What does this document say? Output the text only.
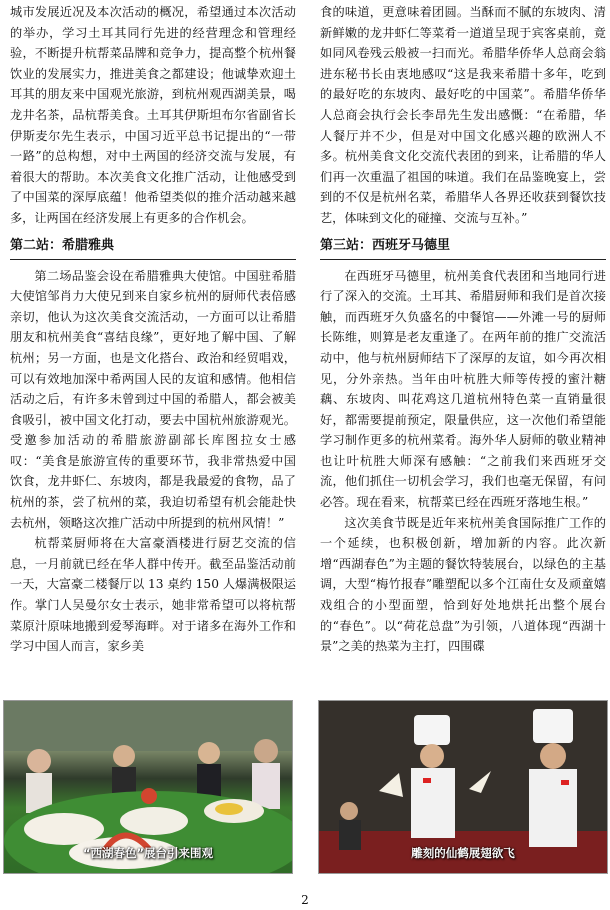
城市发展近况及本次活动的概况，希望通过本次活动的举办，学习土耳其同行先进的经营理念和管理经验，不断提升杭帮菜品牌和竞争力，提高整个杭州餐饮业的发展实力，推进美食之都建设；他诚挚欢迎土耳其的朋友来中国观光旅游，到杭州观西湖美景，喝龙井名茶，品杭帮美食。土耳其伊斯坦布尔省副省长伊斯麦尔先生表示，中国习近平总书记提出的“一带一路”的总构想，对中土两国的经济交流与发展，有着很大的帮助。本次美食文化推广活动，让他感受到了中国菜的深厚底蕴！他希望类似的推介活动越来越多，让两国在经济发展上有更多的合作机会。

第二站：希腊雅典

第二场品鉴会设在希腊雅典大使馆。中国驻希腊大使馆邹肖力大使兄到来自家乡杭州的厨师代表倍感亲切，他认为这次美食交流活动，一方面可以让希腊朋友和杭州美食“喜结良缘”，更好地了解中国、了解杭州；另一方面，也是文化搭台、政治和经贸唱戏，可以有效地加深中希两国人民的友谊和感情。他相信活动之后，有许多未曾到过中国的希腊人，都会被美食吸引，被中国文化打动，要去中国杭州旅游观光。受邀参加活动的希腊旅游副部长库图拉女士感叹：“美食是旅游宣传的重要环节，我非常热爱中国饮食，龙井虾仁、东坡肉，都是我最爱的食物，品了杭州的茶，尝了杭州的菜，我迫切希望有机会能赴快去杭州，领略这次推广活动中所提到的杭州风情！”

杭帮菜厨师将在大富豪酒楼进行厨艺交流的信息，一月前就已经在华人群中传开。截至品鉴活动前一天，大富豪二楼餐厅以 13 桌约 150 人爆满极限运作。掌门人吴曼尔女士表示，她非常希望可以将杭帮菜原汁原味地搬到爱琴海畔。对于诸多在海外工作和学习中国人而言，家乡美

食的味道，更意味着团圆。当酥而不腻的东坡肉、清新鲜嫩的龙井虾仁等菜肴一道道呈现于宾客桌前，竟如同风卷残云般被一扫而光。希腊华侨华人总商会翁进东秘书长由衷地感叹“这是我来希腊十多年，吃到的最好吃的东坡肉、最好吃的中国菜”。希腊华侨华人总商会执行会长李昂先生发出感慨：“在希腊，华人餐厅并不少，但是对中国文化感兴趣的欧洲人不多。杭州美食文化交流代表团的到来，让希腊的华人们再一次重温了祖国的味道。我们在品鉴晚宴上，尝到的不仅是杭州名菜，希腊华人各界还收获到餐饮技艺，体味到文化的碰撞、交流与互补。”

第三站：西班牙马德里

在西班牙马德里，杭州美食代表团和当地同行进行了深入的交流。土耳其、希腊厨师和我们是首次接触，而西班牙久负盛名的中餐馆——外滩一号的厨师长陈维，则算是老友重逢了。在两年前的推广交流活动中，他与杭州厨师结下了深厚的友谊，如今再次相见，分外亲热。当年由叶杭胜大师等传授的蜜汁糖藕、东坡肉、叫花鸡这几道杭州特色菜一直销量很好，都需要提前预定，限量供应，这一次他们希望能学习制作更多的杭州菜肴。海外华人厨师的敬业精神也让叶杭胜大师深有感触：“之前我们来西班牙交流，他们抓住一切机会学习，我们也毫无保留，有问必答。现在看来，杭帮菜已经在西班牙落地生根。”

这次美食节既是近年来杭州美食国际推广工作的一个延续，也积极创新，增加新的内容。此次新增“西湖春色”为主题的餐饮特装展台，以绿色的主基调，大型“梅竹报春”雕塑配以多个江南仕女及顽童嬉戏组合的小型面塑，恰到好处地烘托出整个展台的“春色”。以“荷花总盘”为引领，八道体现“西湖十景”之美的热菜为主打，四围碟

“西湖春色”展台引来围观	雕刻的仙鹤展翅欲飞
2
